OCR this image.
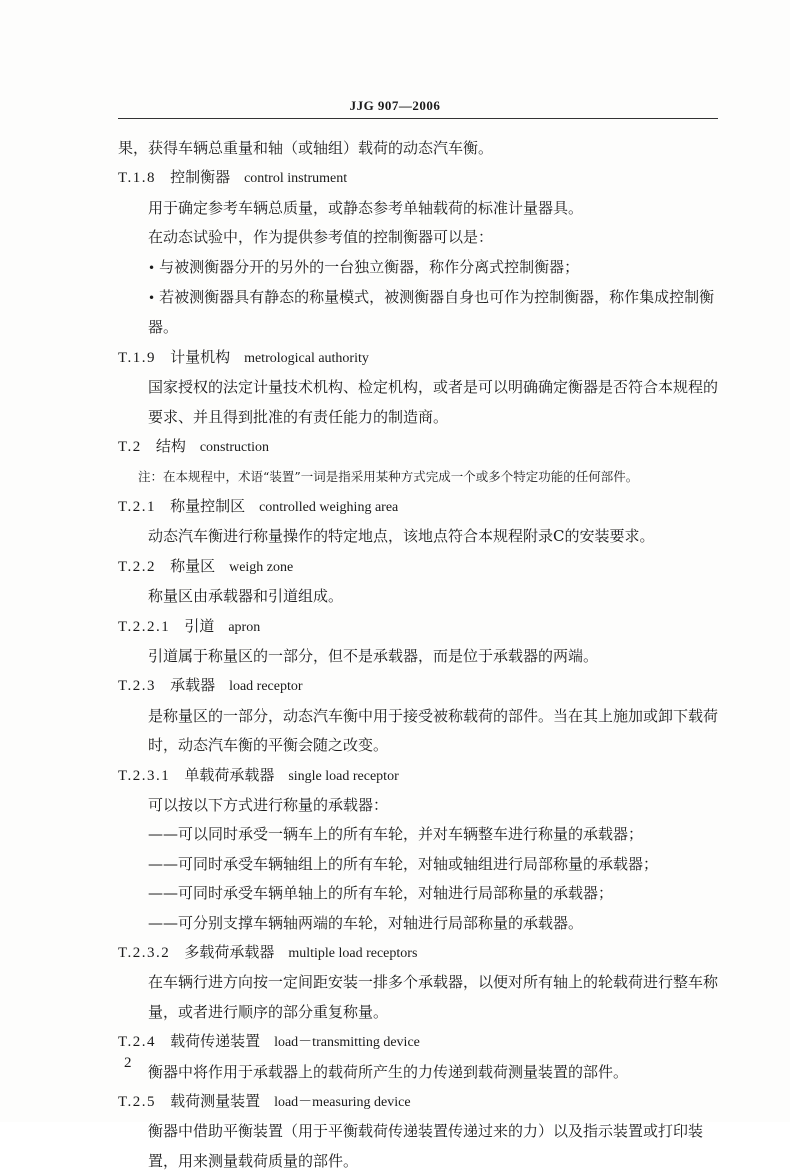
JJG 907—2006

果，获得车辆总重量和轴（或轴组）载荷的动态汽车衡。

T.1.8 控制衡器 control instrument

用于确定参考车辆总质量，或静态参考单轴载荷的标准计量器具。

在动态试验中，作为提供参考值的控制衡器可以是：

• 与被测衡器分开的另外的一台独立衡器，称作分离式控制衡器；

• 若被测衡器具有静态的称量模式，被测衡器自身也可作为控制衡器，称作集成控制衡器。

T.1.9 计量机构 metrological authority

国家授权的法定计量技术机构、检定机构，或者是可以明确确定衡器是否符合本规程的要求、并且得到批准的有责任能力的制造商。

T.2 结构 construction

注：在本规程中，术语“装置”一词是指采用某种方式完成一个或多个特定功能的任何部件。

T.2.1 称量控制区 controlled weighing area

动态汽车衡进行称量操作的特定地点，该地点符合本规程附录C的安装要求。

T.2.2 称量区 weigh zone

称量区由承载器和引道组成。

T.2.2.1 引道 apron

引道属于称量区的一部分，但不是承载器，而是位于承载器的两端。

T.2.3 承载器 load receptor

是称量区的一部分，动态汽车衡中用于接受被称载荷的部件。当在其上施加或卸下载荷时，动态汽车衡的平衡会随之改变。

T.2.3.1 单载荷承载器 single load receptor

可以按以下方式进行称量的承载器：

——可以同时承受一辆车上的所有车轮，并对车辆整车进行称量的承载器；

——可同时承受车辆轴组上的所有车轮，对轴或轴组进行局部称量的承载器；

——可同时承受车辆单轴上的所有车轮，对轴进行局部称量的承载器；

——可分别支撑车辆轴两端的车轮，对轴进行局部称量的承载器。

T.2.3.2 多载荷承载器 multiple load receptors

在车辆行进方向按一定间距安装一排多个承载器，以便对所有轴上的轮载荷进行整车称量，或者进行顺序的部分重复称量。

T.2.4 载荷传递装置 load－transmitting device

衡器中将作用于承载器上的载荷所产生的力传递到载荷测量装置的部件。

T.2.5 载荷测量装置 load－measuring device

衡器中借助平衡装置（用于平衡载荷传递装置传递过来的力）以及指示装置或打印装置，用来测量载荷质量的部件。

2
